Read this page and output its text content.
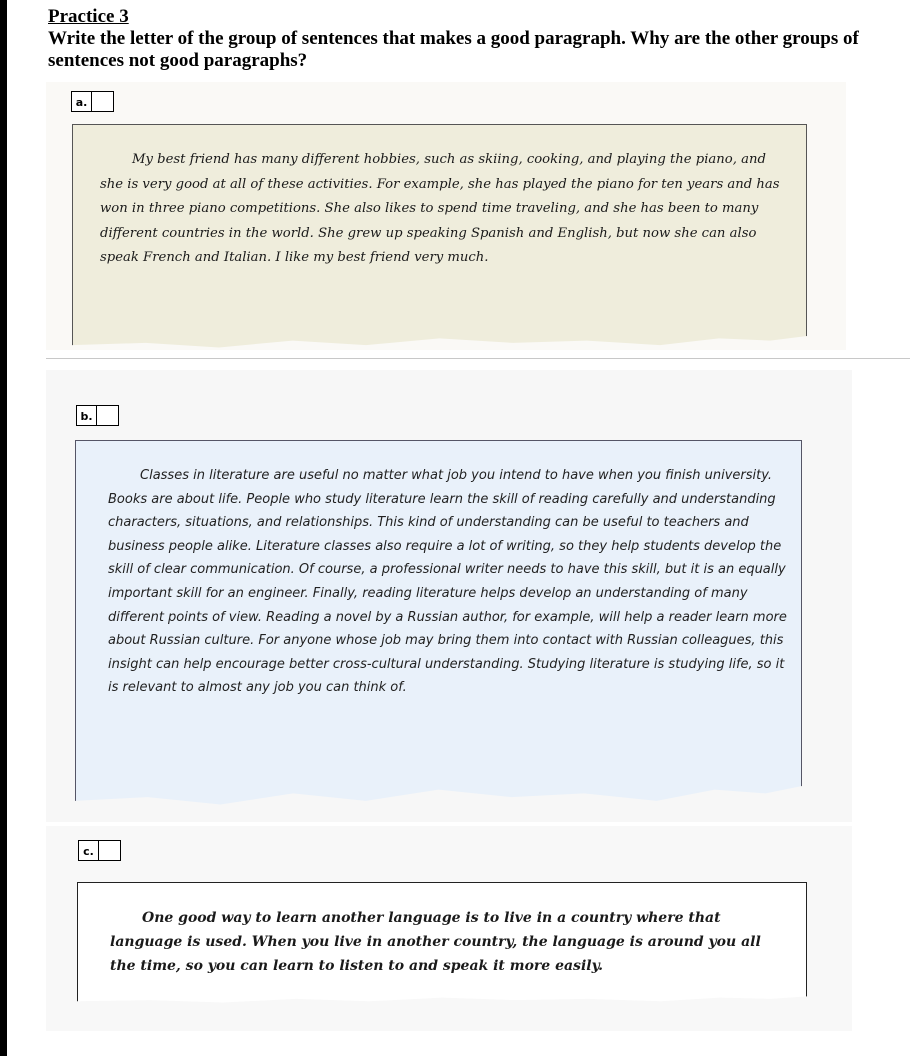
Practice 3
Write the letter of the group of sentences that makes a good paragraph. Why are the other groups of sentences not good paragraphs?
a.

My best friend has many different hobbies, such as skiing, cooking, and playing the piano, and she is very good at all of these activities. For example, she has played the piano for ten years and has won in three piano competitions. She also likes to spend time traveling, and she has been to many different countries in the world. She grew up speaking Spanish and English, but now she can also speak French and Italian. I like my best friend very much.

b.

Classes in literature are useful no matter what job you intend to have when you finish university. Books are about life. People who study literature learn the skill of reading carefully and understanding characters, situations, and relationships. This kind of understanding can be useful to teachers and business people alike. Literature classes also require a lot of writing, so they help students develop the skill of clear communication. Of course, a professional writer needs to have this skill, but it is an equally important skill for an engineer. Finally, reading literature helps develop an understanding of many different points of view. Reading a novel by a Russian author, for example, will help a reader learn more about Russian culture. For anyone whose job may bring them into contact with Russian colleagues, this insight can help encourage better cross-cultural understanding. Studying literature is studying life, so it is relevant to almost any job you can think of.

c.

One good way to learn another language is to live in a country where that language is used. When you live in another country, the language is around you all the time, so you can learn to listen to and speak it more easily.
